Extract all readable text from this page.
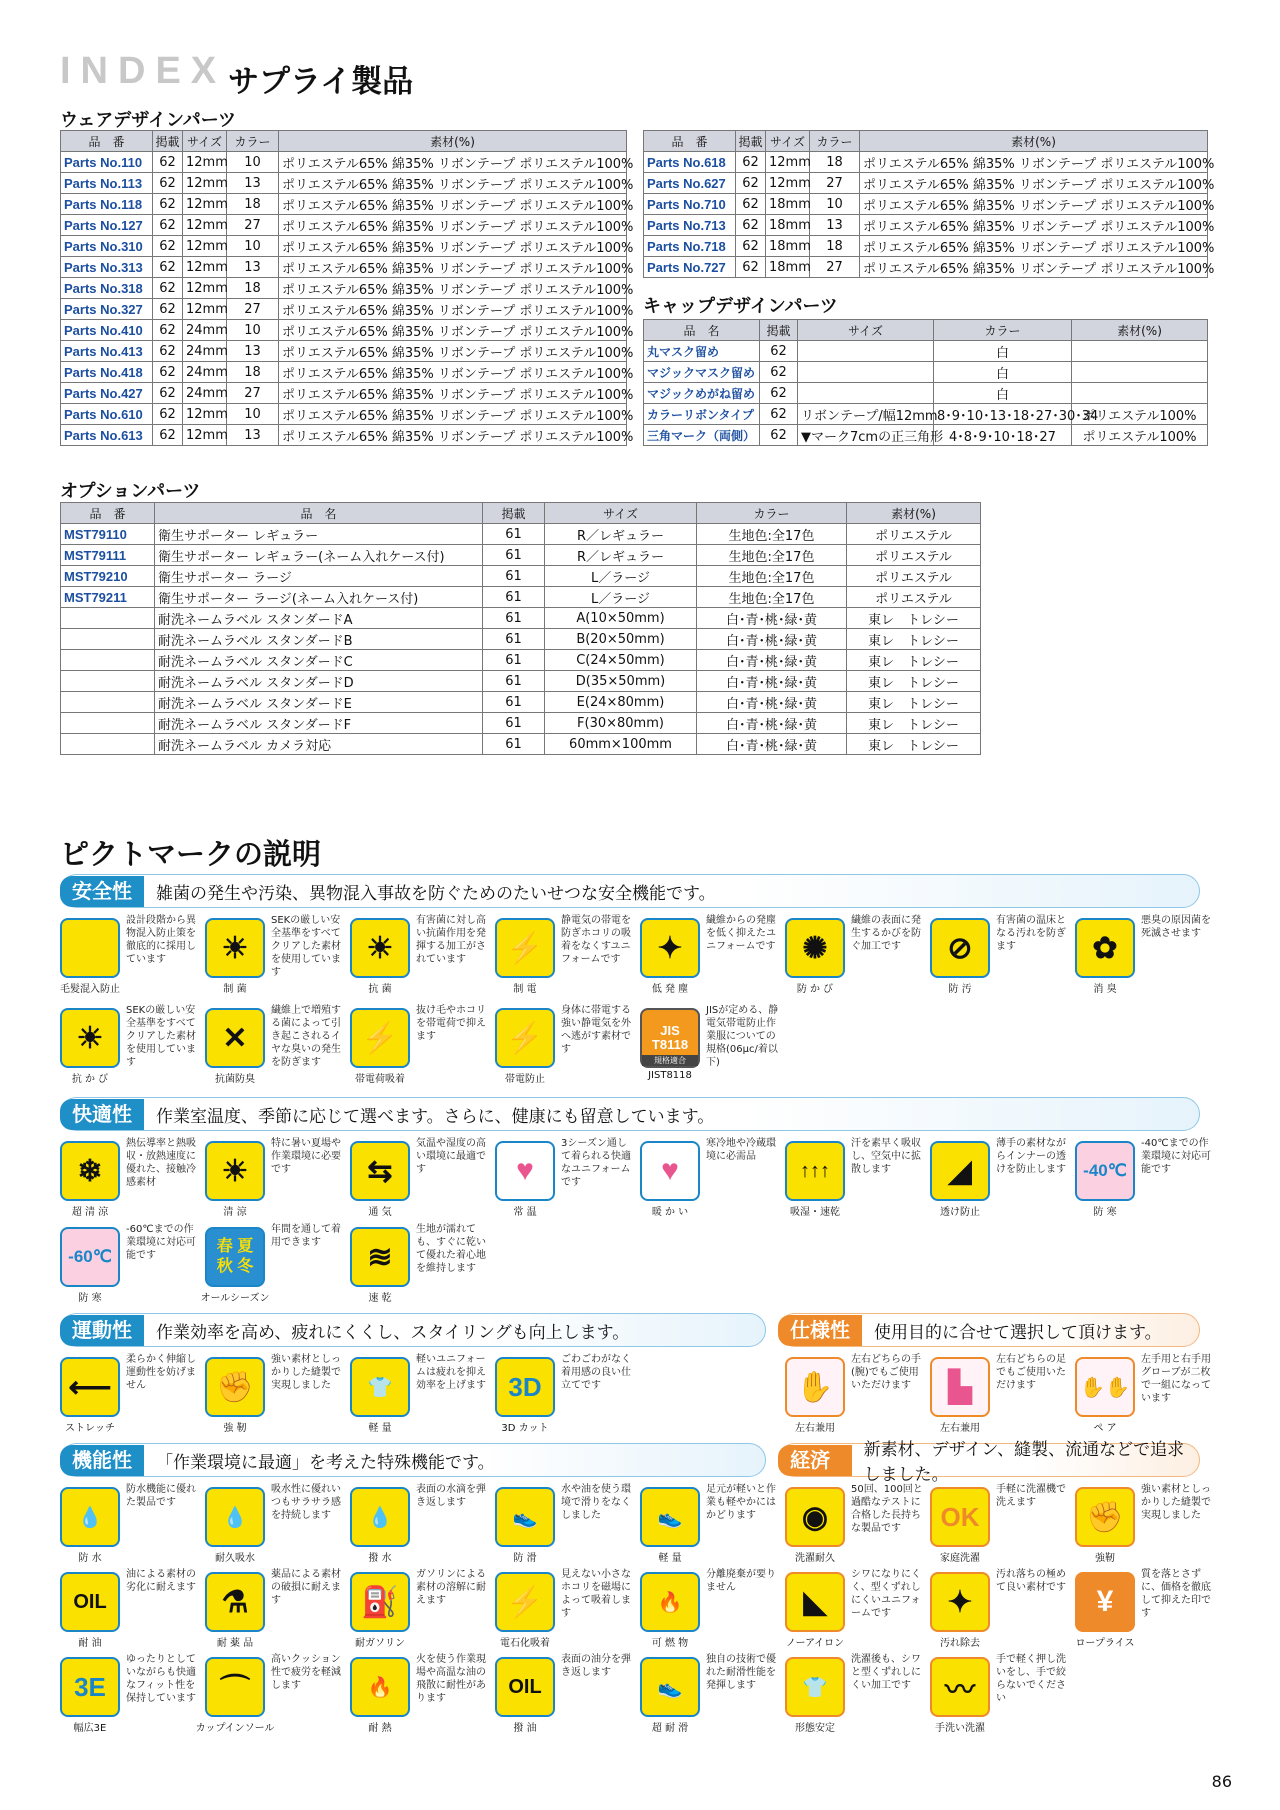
INDEX サプライ製品
ウェアデザインパーツ
品　番	掲載	サイズ	カラー	素材(%)
Parts No.110	62	12mm	10	ポリエステル65% 綿35% リボンテープ ポリエステル100%
Parts No.113	62	12mm	13	ポリエステル65% 綿35% リボンテープ ポリエステル100%
Parts No.118	62	12mm	18	ポリエステル65% 綿35% リボンテープ ポリエステル100%
Parts No.127	62	12mm	27	ポリエステル65% 綿35% リボンテープ ポリエステル100%
Parts No.310	62	12mm	10	ポリエステル65% 綿35% リボンテープ ポリエステル100%
Parts No.313	62	12mm	13	ポリエステル65% 綿35% リボンテープ ポリエステル100%
Parts No.318	62	12mm	18	ポリエステル65% 綿35% リボンテープ ポリエステル100%
Parts No.327	62	12mm	27	ポリエステル65% 綿35% リボンテープ ポリエステル100%
Parts No.410	62	24mm	10	ポリエステル65% 綿35% リボンテープ ポリエステル100%
Parts No.413	62	24mm	13	ポリエステル65% 綿35% リボンテープ ポリエステル100%
Parts No.418	62	24mm	18	ポリエステル65% 綿35% リボンテープ ポリエステル100%
Parts No.427	62	24mm	27	ポリエステル65% 綿35% リボンテープ ポリエステル100%
Parts No.610	62	12mm	10	ポリエステル65% 綿35% リボンテープ ポリエステル100%
Parts No.613	62	12mm	13	ポリエステル65% 綿35% リボンテープ ポリエステル100%
品　番	掲載	サイズ	カラー	素材(%)
Parts No.618	62	12mm	18	ポリエステル65% 綿35% リボンテープ ポリエステル100%
Parts No.627	62	12mm	27	ポリエステル65% 綿35% リボンテープ ポリエステル100%
Parts No.710	62	18mm	10	ポリエステル65% 綿35% リボンテープ ポリエステル100%
Parts No.713	62	18mm	13	ポリエステル65% 綿35% リボンテープ ポリエステル100%
Parts No.718	62	18mm	18	ポリエステル65% 綿35% リボンテープ ポリエステル100%
Parts No.727	62	18mm	27	ポリエステル65% 綿35% リボンテープ ポリエステル100%
キャップデザインパーツ
品　名	掲載	サイズ	カラー	素材(%)
丸マスク留め	62		白	
マジックマスク留め	62		白	
マジックめがね留め	62		白	
カラーリボンタイプ	62	リボンテープ/幅12mm	8･9･10･13･18･27･30･34	ポリエステル100%
三角マーク（両側）	62	▼マーク7cmの正三角形	4･8･9･10･18･27	ポリエステル100%
オプションパーツ
品　番	品　名	掲載	サイズ	カラー	素材(%)
MST79110	衛生サポーター レギュラー	61	R／レギュラー	生地色:全17色	ポリエステル
MST79111	衛生サポーター レギュラー(ネーム入れケース付)	61	R／レギュラー	生地色:全17色	ポリエステル
MST79210	衛生サポーター ラージ	61	L／ラージ	生地色:全17色	ポリエステル
MST79211	衛生サポーター ラージ(ネーム入れケース付)	61	L／ラージ	生地色:全17色	ポリエステル
	耐洗ネームラベル スタンダードA	61	A(10×50mm)	白･青･桃･緑･黄	東レ　トレシー
	耐洗ネームラベル スタンダードB	61	B(20×50mm)	白･青･桃･緑･黄	東レ　トレシー
	耐洗ネームラベル スタンダードC	61	C(24×50mm)	白･青･桃･緑･黄	東レ　トレシー
	耐洗ネームラベル スタンダードD	61	D(35×50mm)	白･青･桃･緑･黄	東レ　トレシー
	耐洗ネームラベル スタンダードE	61	E(24×80mm)	白･青･桃･緑･黄	東レ　トレシー
	耐洗ネームラベル スタンダードF	61	F(30×80mm)	白･青･桃･緑･黄	東レ　トレシー
	耐洗ネームラベル カメラ対応	61	60mm×100mm	白･青･桃･緑･黄	東レ　トレシー
ピクトマークの説明
安全性	雑菌の発生や汚染、異物混入事故を防ぐためのたいせつな安全機能です。
快適性	作業室温度、季節に応じて選べます。さらに、健康にも留意しています。
運動性	作業効率を高め、疲れにくくし、スタイリングも向上します。	仕様性	使用目的に合せて選択して頂けます。
機能性	「作業環境に最適」を考えた特殊機能です。	経済	新素材、デザイン、縫製、流通などで追求しました。
設計段階から異物混入防止策を徹底的に採用しています
毛髪混入防止
☀
SEKの厳しい安全基準をすべてクリアした素材を使用しています
制 菌
☀
有害菌に対し高い抗菌作用を発揮する加工がされています
抗 菌
⚡
静電気の帯電を防ぎホコリの吸着をなくすユニフォームです
制 電
✦
繊維からの発塵を低く抑えたユニフォームです
低 発 塵
✺
繊維の表面に発生するかびを防ぐ加工です
防 か び
⊘
有害菌の温床となる汚れを防ぎます
防 汚
✿
悪臭の原因菌を死滅させます
消 臭
☀
SEKの厳しい安全基準をすべてクリアした素材を使用しています
抗 か び
✕
繊維上で増殖する菌によって引き起こされるイヤな臭いの発生を防ぎます
抗菌防臭
⚡
抜け毛やホコリを帯電荷で抑えます
帯電荷吸着
⚡
身体に帯電する強い静電気を外へ逃がす素材です
帯電防止
JIS T8118
規格適合
JISが定める、静電気帯電防止作業服についての規格(06μc/着以下)
JIST8118
❄
熱伝導率と熱吸収・放熱速度に優れた、接触冷感素材
超 清 涼
☀
特に暑い夏場や作業環境に必要です
清 涼
⇆
気温や湿度の高い環境に最適です
通 気
♥
3シーズン通して着られる快適なユニフォームです
常 温
♥
寒冷地や冷蔵環境に必需品
暖 か い
↑↑↑
汗を素早く吸収し、空気中に拡散します
吸湿・速乾
◢
薄手の素材ながらインナーの透けを防止します
透け防止
-40℃
-40℃までの作業環境に対応可能です
防 寒
-60℃
-60℃までの作業環境に対応可能です
防 寒
春 夏
秋 冬
年間を通して着用できます
オールシーズン
≋
生地が濡れても、すぐに乾いて優れた着心地を維持します
速 乾
⟵
柔らかく伸縮し運動性を妨げません
ストレッチ
✊
強い素材としっかりした縫製で実現しました
強 靭
👕
軽いユニフォームは疲れを抑え効率を上げます
軽 量
3D
ごわごわがなく着用感の良い仕立てです
3D カット
✋
左右どちらの手(腕)でもご使用いただけます
左右兼用
▙
左右どちらの足でもご使用いただけます
左右兼用
✋✋
左手用と右手用グローブが二枚で一組になっています
ペ ア
💧
防水機能に優れた製品です
防 水
💧
吸水性に優れいつもサラサラ感を持続します
耐久吸水
💧
表面の水滴を弾き返します
撥 水
👟
水や油を使う環境で滑りをなくしました
防 滑
👟
足元が軽いと作業も軽やかにはかどります
軽 量
◉
50回、100回と過酷なテストに合格した長持ちな製品です
洗濯耐久
OK
手軽に洗濯機で洗えます
家庭洗濯
✊
強い素材としっかりした縫製で実現しました
強靭
OIL
油による素材の劣化に耐えます
耐 油
⚗
薬品による素材の破損に耐えます
耐 薬 品
⛽
ガソリンによる素材の溶解に耐えます
耐ガソリン
⚡
見えない小さなホコリを磁場によって吸着します
電石化吸着
🔥
分離廃棄が要りません
可 燃 物
◣
シワになりにくく、型くずれしにくいユニフォームです
ノーアイロン
✦
汚れ落ちの極めて良い素材です
汚れ除去
¥
質を落とさずに、価格を徹底して抑えた印です
ロープライス
3E
ゆったりとしていながらも快適なフィット性を保持しています
幅広3E
⌒
高いクッション性で疲労を軽減します
カップインソール
🔥
火を使う作業現場や高温な油の飛散に耐性があります
耐 熱
OIL
表面の油分を弾き返します
撥 油
👟
独自の技術で優れた耐滑性能を発揮します
超 耐 滑
👕
洗濯後も、シワと型くずれしにくい加工です
形態安定
〰
手で軽く押し洗いをし、手で絞らないでください
手洗い洗濯
86
